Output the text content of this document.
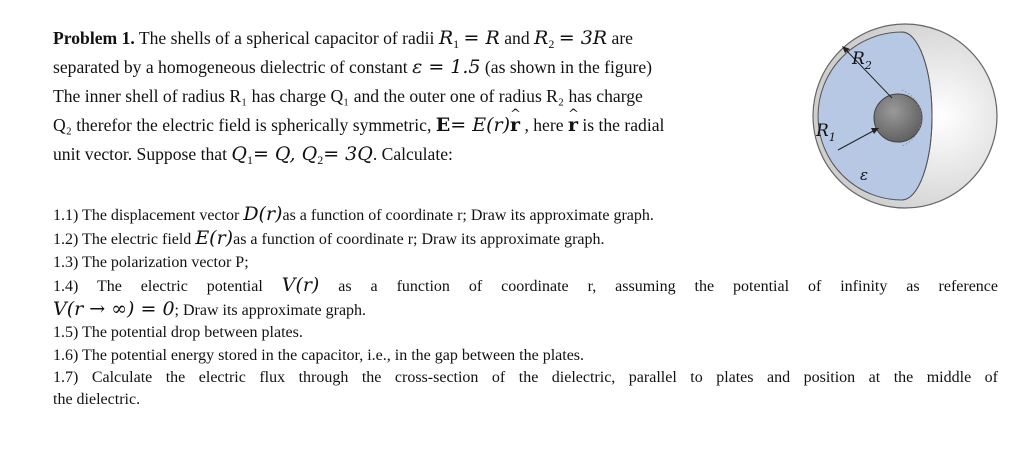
Problem 1. The shells of a spherical capacitor of radii $R_1 = R$ and $R_2 = 3R$ are
separated by a homogeneous dielectric of constant ε = 1.5 (as shown in the figure)
The inner shell of radius R₁ has charge Q₁ and the outer one of radius R₂ has charge
Q₂ therefor the electric field is spherically symmetric, E= E(r)r ^ , here r ^ is the radial
unit vector. Suppose that $Q_1= Q$, $Q_2= 3Q$. Calculate:
$R_2$
$R_1$
ε

1.1) The displacement vector D(r)as a function of coordinate r; Draw its approximate graph.

1.2) The electric field E(r)as a function of coordinate r; Draw its approximate graph.

1.3) The polarization vector P;

1.4) The electric potential V(r) as a function of coordinate r, assuming the potential of infinity as reference

V(r → ∞) = 0; Draw its approximate graph.

1.5) The potential drop between plates.

1.6) The potential energy stored in the capacitor, i.e., in the gap between the plates.

1.7) Calculate the electric flux through the cross-section of the dielectric, parallel to plates and position at the middle of

the dielectric.
